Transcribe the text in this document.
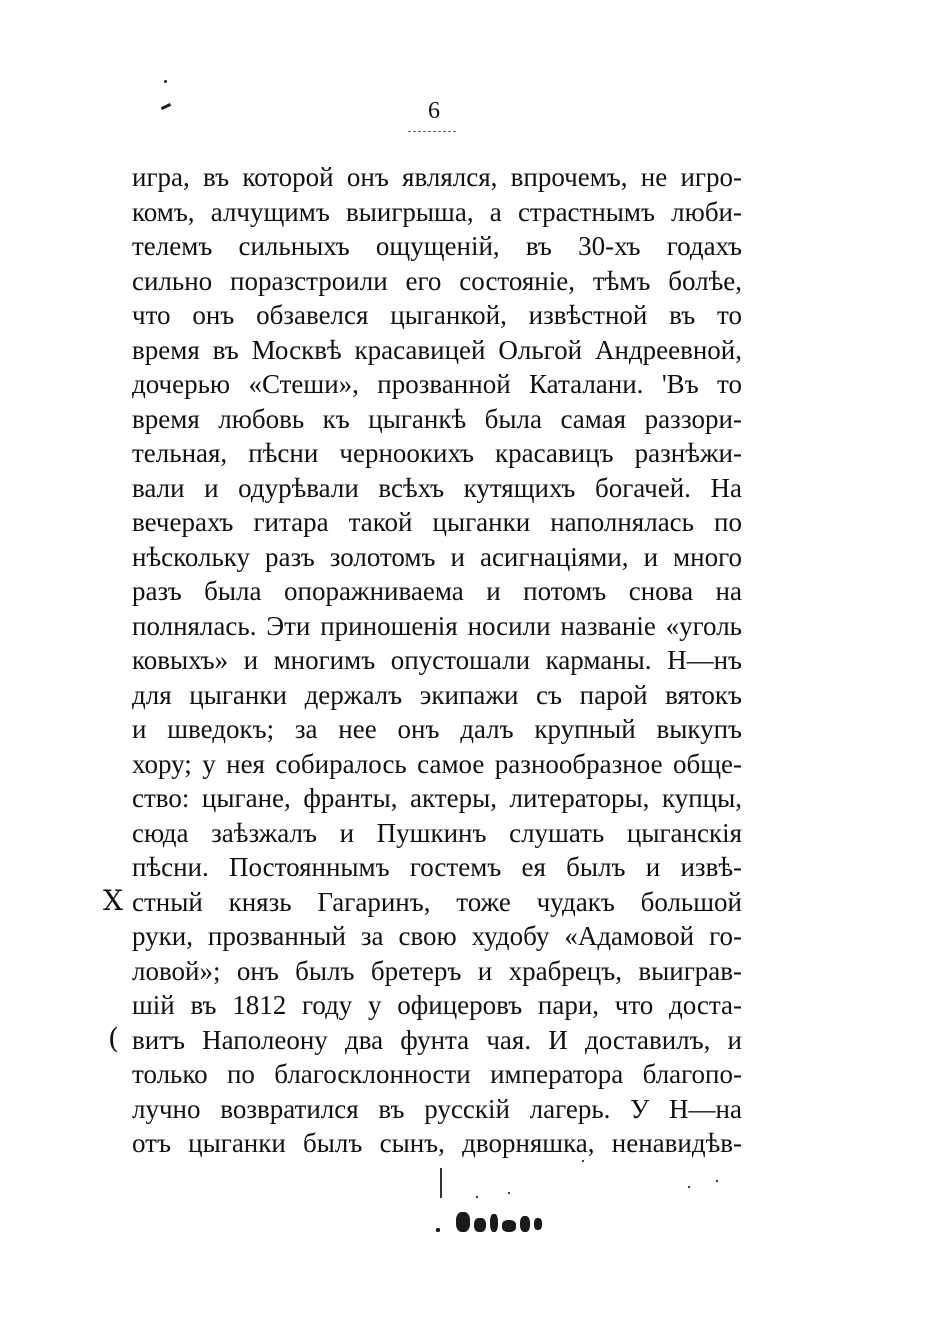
6
Х
(
игра, въ которой онъ являлся, впрочемъ, не игро-
комъ, алчущимъ выигрыша, а страстнымъ люби-
телемъ сильныхъ ощущеній, въ 30-хъ годахъ
сильно поразстроили его состояніе, тѣмъ болѣе,
что онъ обзавелся цыганкой, извѣстной въ то
время въ Москвѣ красавицей Ольгой Андреевной,
дочерью «Стеши», прозванной Каталани. 'Въ то
время любовь къ цыганкѣ была самая раззори-
тельная, пѣсни черноокихъ красавицъ разнѣжи-
вали и одурѣвали всѣхъ кутящихъ богачей. На
вечерахъ гитара такой цыганки наполнялась по
нѣскольку разъ золотомъ и асигнаціями, и много
разъ была опоражниваема и потомъ снова на
полнялась. Эти приношенія носили названіе «уголь
ковыхъ» и многимъ опустошали карманы. Н—нъ
для цыганки держалъ экипажи съ парой вятокъ
и шведокъ; за нее онъ далъ крупный выкупъ
хору; у нея собиралось самое разнообразное обще-
ство: цыгане, франты, актеры, литераторы, купцы,
сюда заѣзжалъ и Пушкинъ слушать цыганскія
пѣсни. Постояннымъ гостемъ ея былъ и извѣ-
стный князь Гагаринъ, тоже чудакъ большой
руки, прозванный за свою худобу «Адамовой го-
ловой»; онъ былъ бретеръ и храбрецъ, выигрaв-
шій въ 1812 году у офицеровъ пари, что доста-
витъ Наполеону два фунта чая. И доставилъ, и
только по благосклонности императора благопо-
лучно возвратился въ русскій лагерь. У Н—на
отъ цыганки былъ сынъ, дворняшка, ненавидѣв-
